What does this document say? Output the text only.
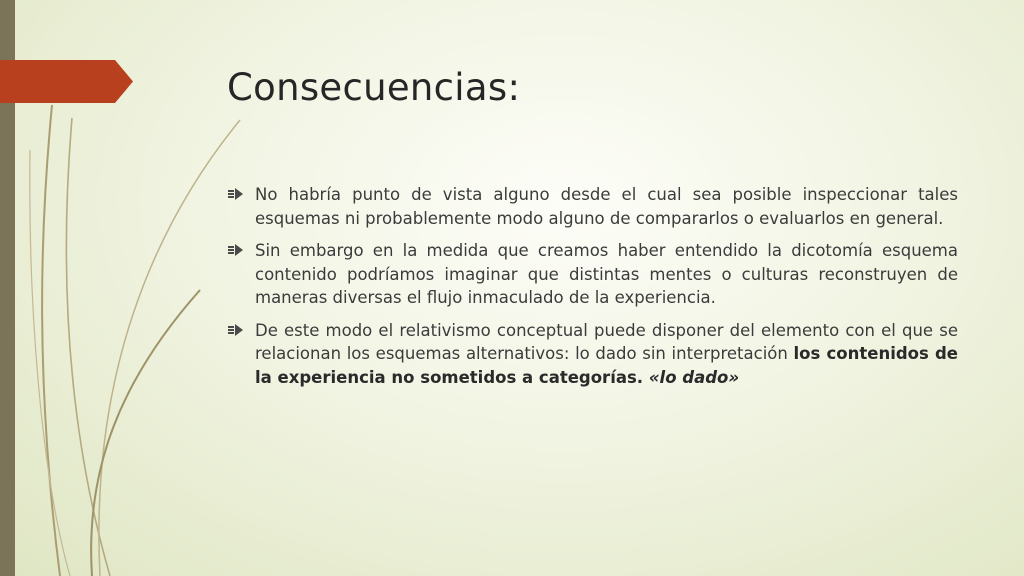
Consecuencias:
No habría punto de vista alguno desde el cual sea posible inspeccionar tales esquemas ni probablemente modo alguno de compararlos o evaluarlos en general.
Sin embargo en la medida que creamos haber entendido la dicotomía esquema contenido podríamos imaginar que distintas mentes o culturas reconstruyen de maneras diversas el flujo inmaculado de la experiencia.
De este modo el relativismo conceptual puede disponer del elemento con el que se relacionan los esquemas alternativos: lo dado sin interpretación los contenidos de la experiencia no sometidos a categorías. «lo dado»
